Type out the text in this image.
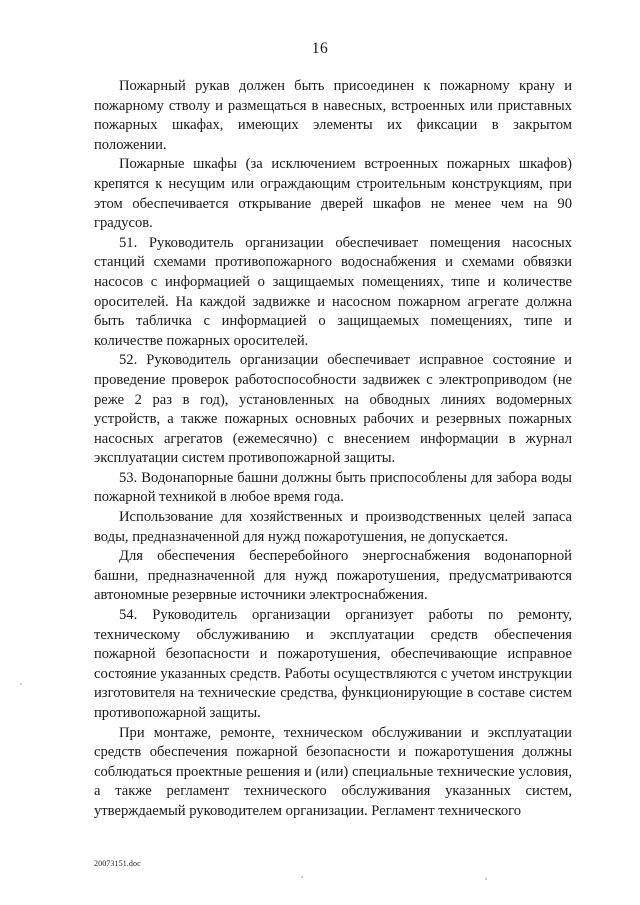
16

Пожарный рукав должен быть присоединен к пожарному крану и пожарному стволу и размещаться в навесных, встроенных или приставных пожарных шкафах, имеющих элементы их фиксации в закрытом положении.

Пожарные шкафы (за исключением встроенных пожарных шкафов) крепятся к несущим или ограждающим строительным конструкциям, при этом обеспечивается открывание дверей шкафов не менее чем на 90 градусов.

51. Руководитель организации обеспечивает помещения насосных станций схемами противопожарного водоснабжения и схемами обвязки насосов с информацией о защищаемых помещениях, типе и количестве оросителей. На каждой задвижке и насосном пожарном агрегате должна быть табличка с информацией о защищаемых помещениях, типе и количестве пожарных оросителей.

52. Руководитель организации обеспечивает исправное состояние и проведение проверок работоспособности задвижек с электроприводом (не реже 2 раз в год), установленных на обводных линиях водомерных устройств, а также пожарных основных рабочих и резервных пожарных насосных агрегатов (ежемесячно) с внесением информации в журнал эксплуатации систем противопожарной защиты.

53. Водонапорные башни должны быть приспособлены для забора воды пожарной техникой в любое время года.

Использование для хозяйственных и производственных целей запаса воды, предназначенной для нужд пожаротушения, не допускается.

Для обеспечения бесперебойного энергоснабжения водонапорной башни, предназначенной для нужд пожаротушения, предусматриваются автономные резервные источники электроснабжения.

54. Руководитель организации организует работы по ремонту, техническому обслуживанию и эксплуатации средств обеспечения пожарной безопасности и пожаротушения, обеспечивающие исправное состояние указанных средств. Работы осуществляются с учетом инструкции изготовителя на технические средства, функционирующие в составе систем противопожарной защиты.

При монтаже, ремонте, техническом обслуживании и эксплуатации средств обеспечения пожарной безопасности и пожаротушения должны соблюдаться проектные решения и (или) специальные технические условия, а также регламент технического обслуживания указанных систем, утверждаемый руководителем организации. Регламент технического

20073151.doc
